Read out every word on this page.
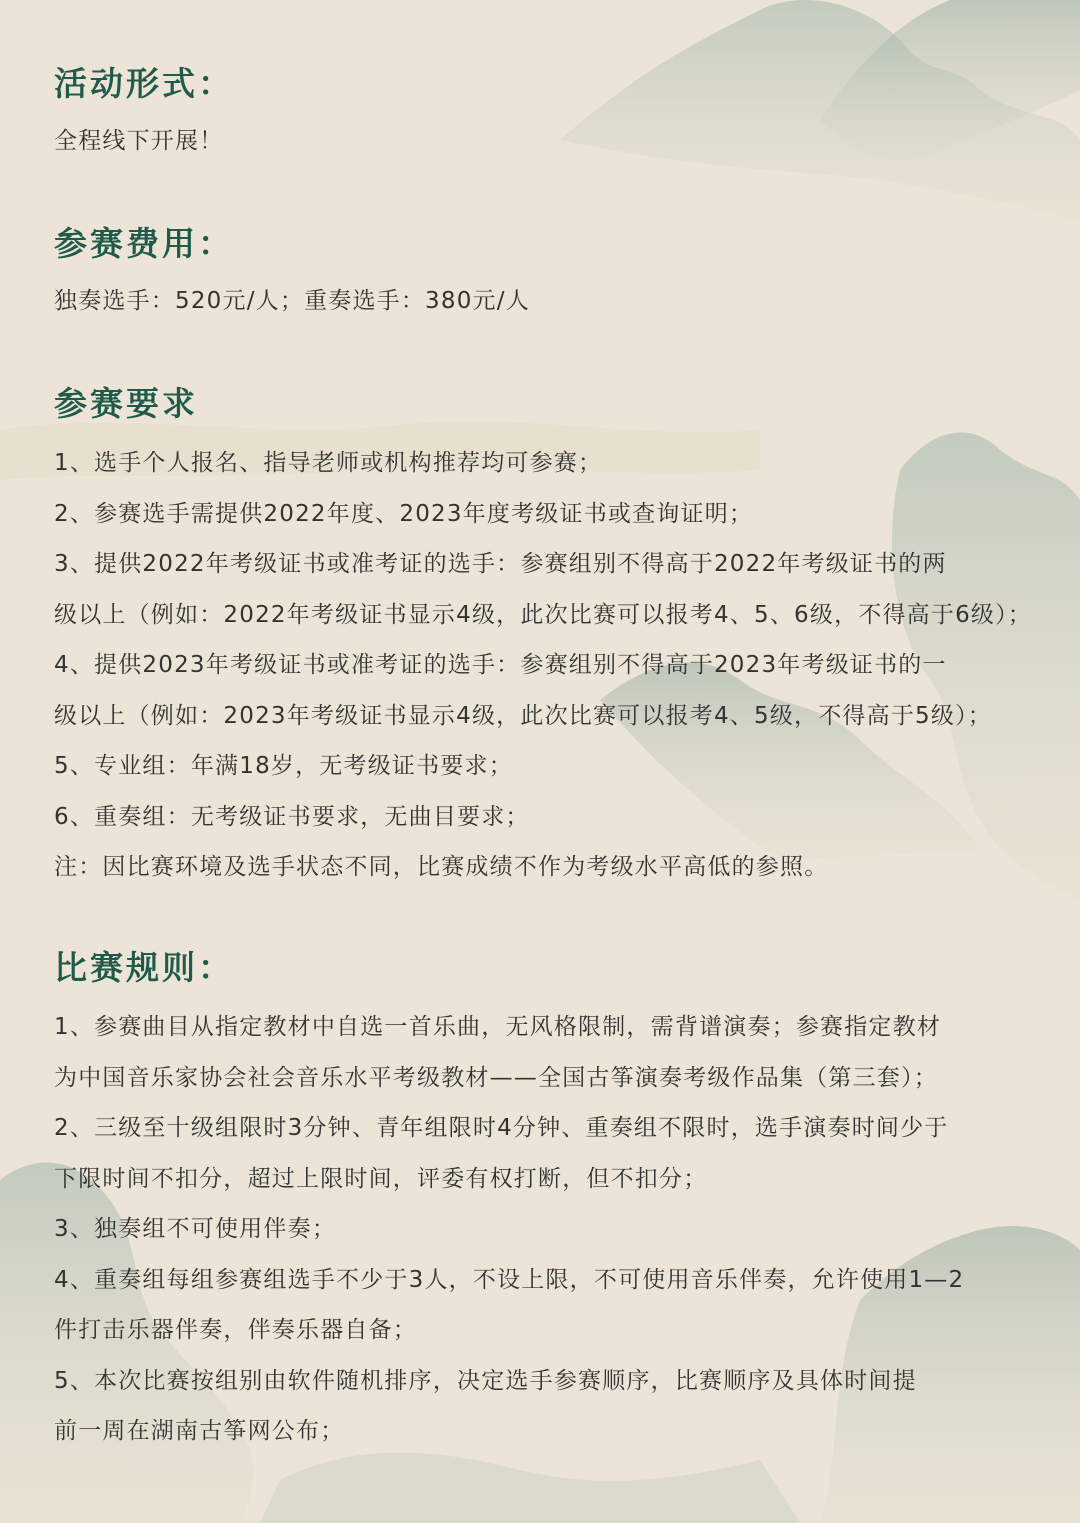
活动形式：

全程线下开展！

参赛费用：

独奏选手：520元/人；重奏选手：380元/人

参赛要求

1、选手个人报名、指导老师或机构推荐均可参赛；

2、参赛选手需提供2022年度、2023年度考级证书或查询证明；

3、提供2022年考级证书或准考证的选手：参赛组别不得高于2022年考级证书的两

级以上（例如：2022年考级证书显示4级，此次比赛可以报考4、5、6级，不得高于6级）；

4、提供2023年考级证书或准考证的选手：参赛组别不得高于2023年考级证书的一

级以上（例如：2023年考级证书显示4级，此次比赛可以报考4、5级，不得高于5级）；

5、专业组：年满18岁，无考级证书要求；

6、重奏组：无考级证书要求，无曲目要求；

注：因比赛环境及选手状态不同，比赛成绩不作为考级水平高低的参照。

比赛规则：

1、参赛曲目从指定教材中自选一首乐曲，无风格限制，需背谱演奏；参赛指定教材

为中国音乐家协会社会音乐水平考级教材——全国古筝演奏考级作品集（第三套）；

2、三级至十级组限时3分钟、青年组限时4分钟、重奏组不限时，选手演奏时间少于

下限时间不扣分，超过上限时间，评委有权打断，但不扣分；

3、独奏组不可使用伴奏；

4、重奏组每组参赛组选手不少于3人，不设上限，不可使用音乐伴奏，允许使用1—2

件打击乐器伴奏，伴奏乐器自备；

5、本次比赛按组别由软件随机排序，决定选手参赛顺序，比赛顺序及具体时间提

前一周在湖南古筝网公布；
